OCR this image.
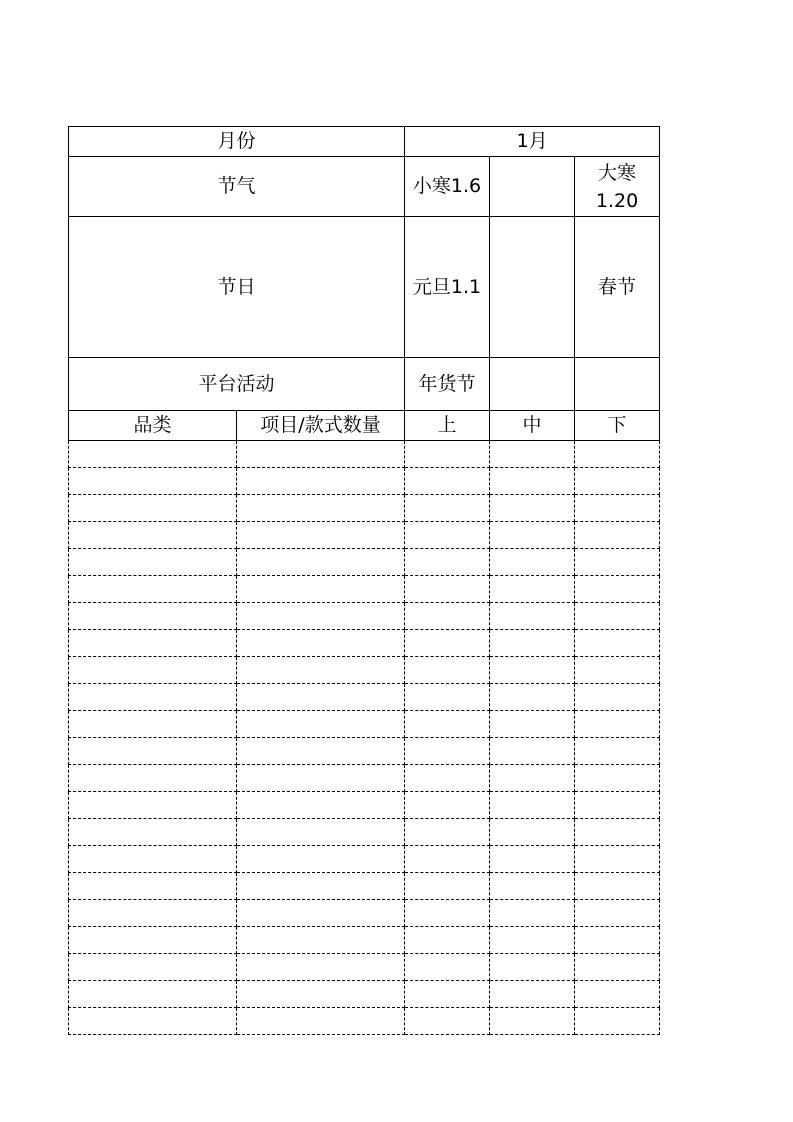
月份		1月		
节气		小寒1.6		大寒 1.20
节日		元旦1.1		春节
平台活动		年货节		
品类	项目/款式数量	上	中	下
